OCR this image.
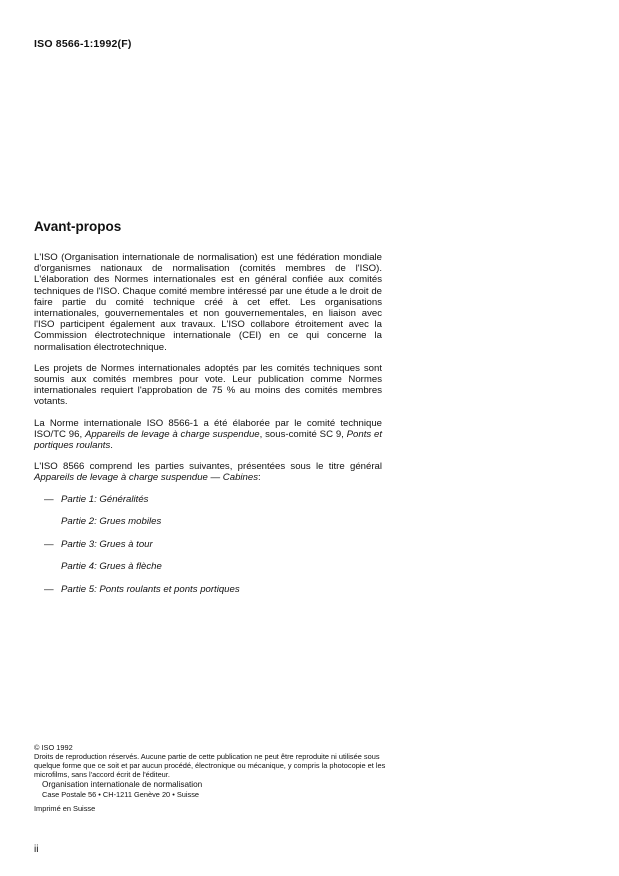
ISO 8566-1:1992(F)
Avant-propos

L'ISO (Organisation internationale de normalisation) est une fédération mondiale d'organismes nationaux de normalisation (comités membres de l'ISO). L'élaboration des Normes internationales est en général confiée aux comités techniques de l'ISO. Chaque comité membre intéressé par une étude a le droit de faire partie du comité technique créé à cet effet. Les organisations internationales, gouvernementales et non gouvernementales, en liaison avec l'ISO participent également aux travaux. L'ISO collabore étroitement avec la Commission électrotechnique internationale (CEI) en ce qui concerne la normalisation électrotechnique.

Les projets de Normes internationales adoptés par les comités techniques sont soumis aux comités membres pour vote. Leur publication comme Normes internationales requiert l'approbation de 75 % au moins des comités membres votants.

La Norme internationale ISO 8566-1 a été élaborée par le comité technique ISO/TC 96, Appareils de levage à charge suspendue, sous-comité SC 9, Ponts et portiques roulants.

L'ISO 8566 comprend les parties suivantes, présentées sous le titre général Appareils de levage à charge suspendue — Cabines:

— Partie 1: Généralités
Partie 2: Grues mobiles
— Partie 3: Grues à tour
Partie 4: Grues à flèche
— Partie 5: Ponts roulants et ponts portiques

© ISO 1992

Droits de reproduction réservés. Aucune partie de cette publication ne peut être reproduite ni utilisée sous quelque forme que ce soit et par aucun procédé, électronique ou mécanique, y compris la photocopie et les microfilms, sans l'accord écrit de l'éditeur.

Organisation internationale de normalisation

Case Postale 56 • CH-1211 Genève 20 • Suisse

Imprimé en Suisse

ii
